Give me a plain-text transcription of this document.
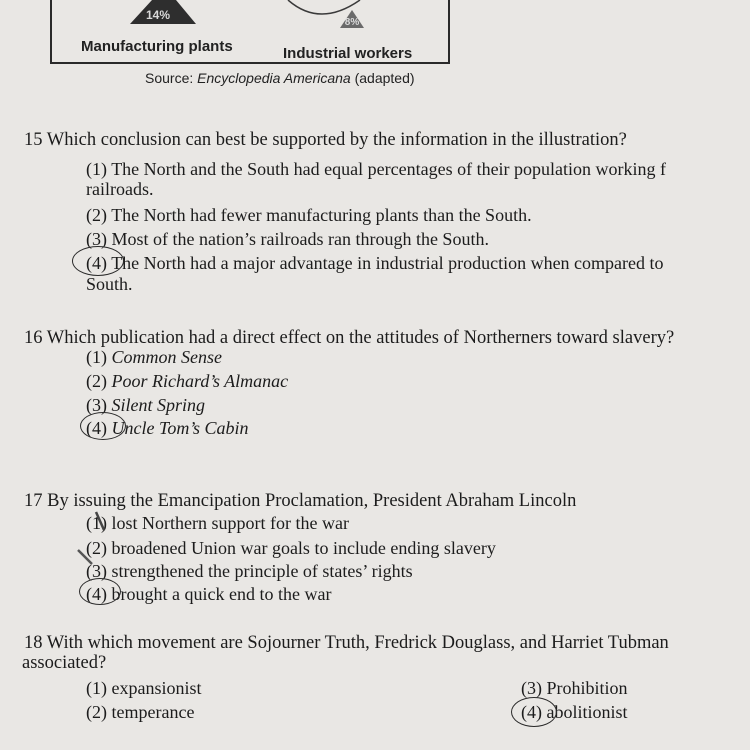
14%
8%
Manufacturing plants	Industrial workers
Source: Encyclopedia Americana (adapted)
15 Which conclusion can best be supported by the information in the illustration?
(1) The North and the South had equal percentages of their population working f
railroads.
(2) The North had fewer manufacturing plants than the South.
(3) Most of the nation’s railroads ran through the South.
(4) The North had a major advantage in industrial production when compared to
South.
16 Which publication had a direct effect on the attitudes of Northerners toward slavery?
(1) Common Sense
(2) Poor Richard’s Almanac
(3) Silent Spring
(4) Uncle Tom’s Cabin
17 By issuing the Emancipation Proclamation, President Abraham Lincoln
(1) lost Northern support for the war
(2) broadened Union war goals to include ending slavery
(3) strengthened the principle of states’ rights
(4) brought a quick end to the war
18 With which movement are Sojourner Truth, Fredrick Douglass, and Harriet Tubman
associated?
(1) expansionist
(2) temperance
(3) Prohibition
(4) abolitionist
